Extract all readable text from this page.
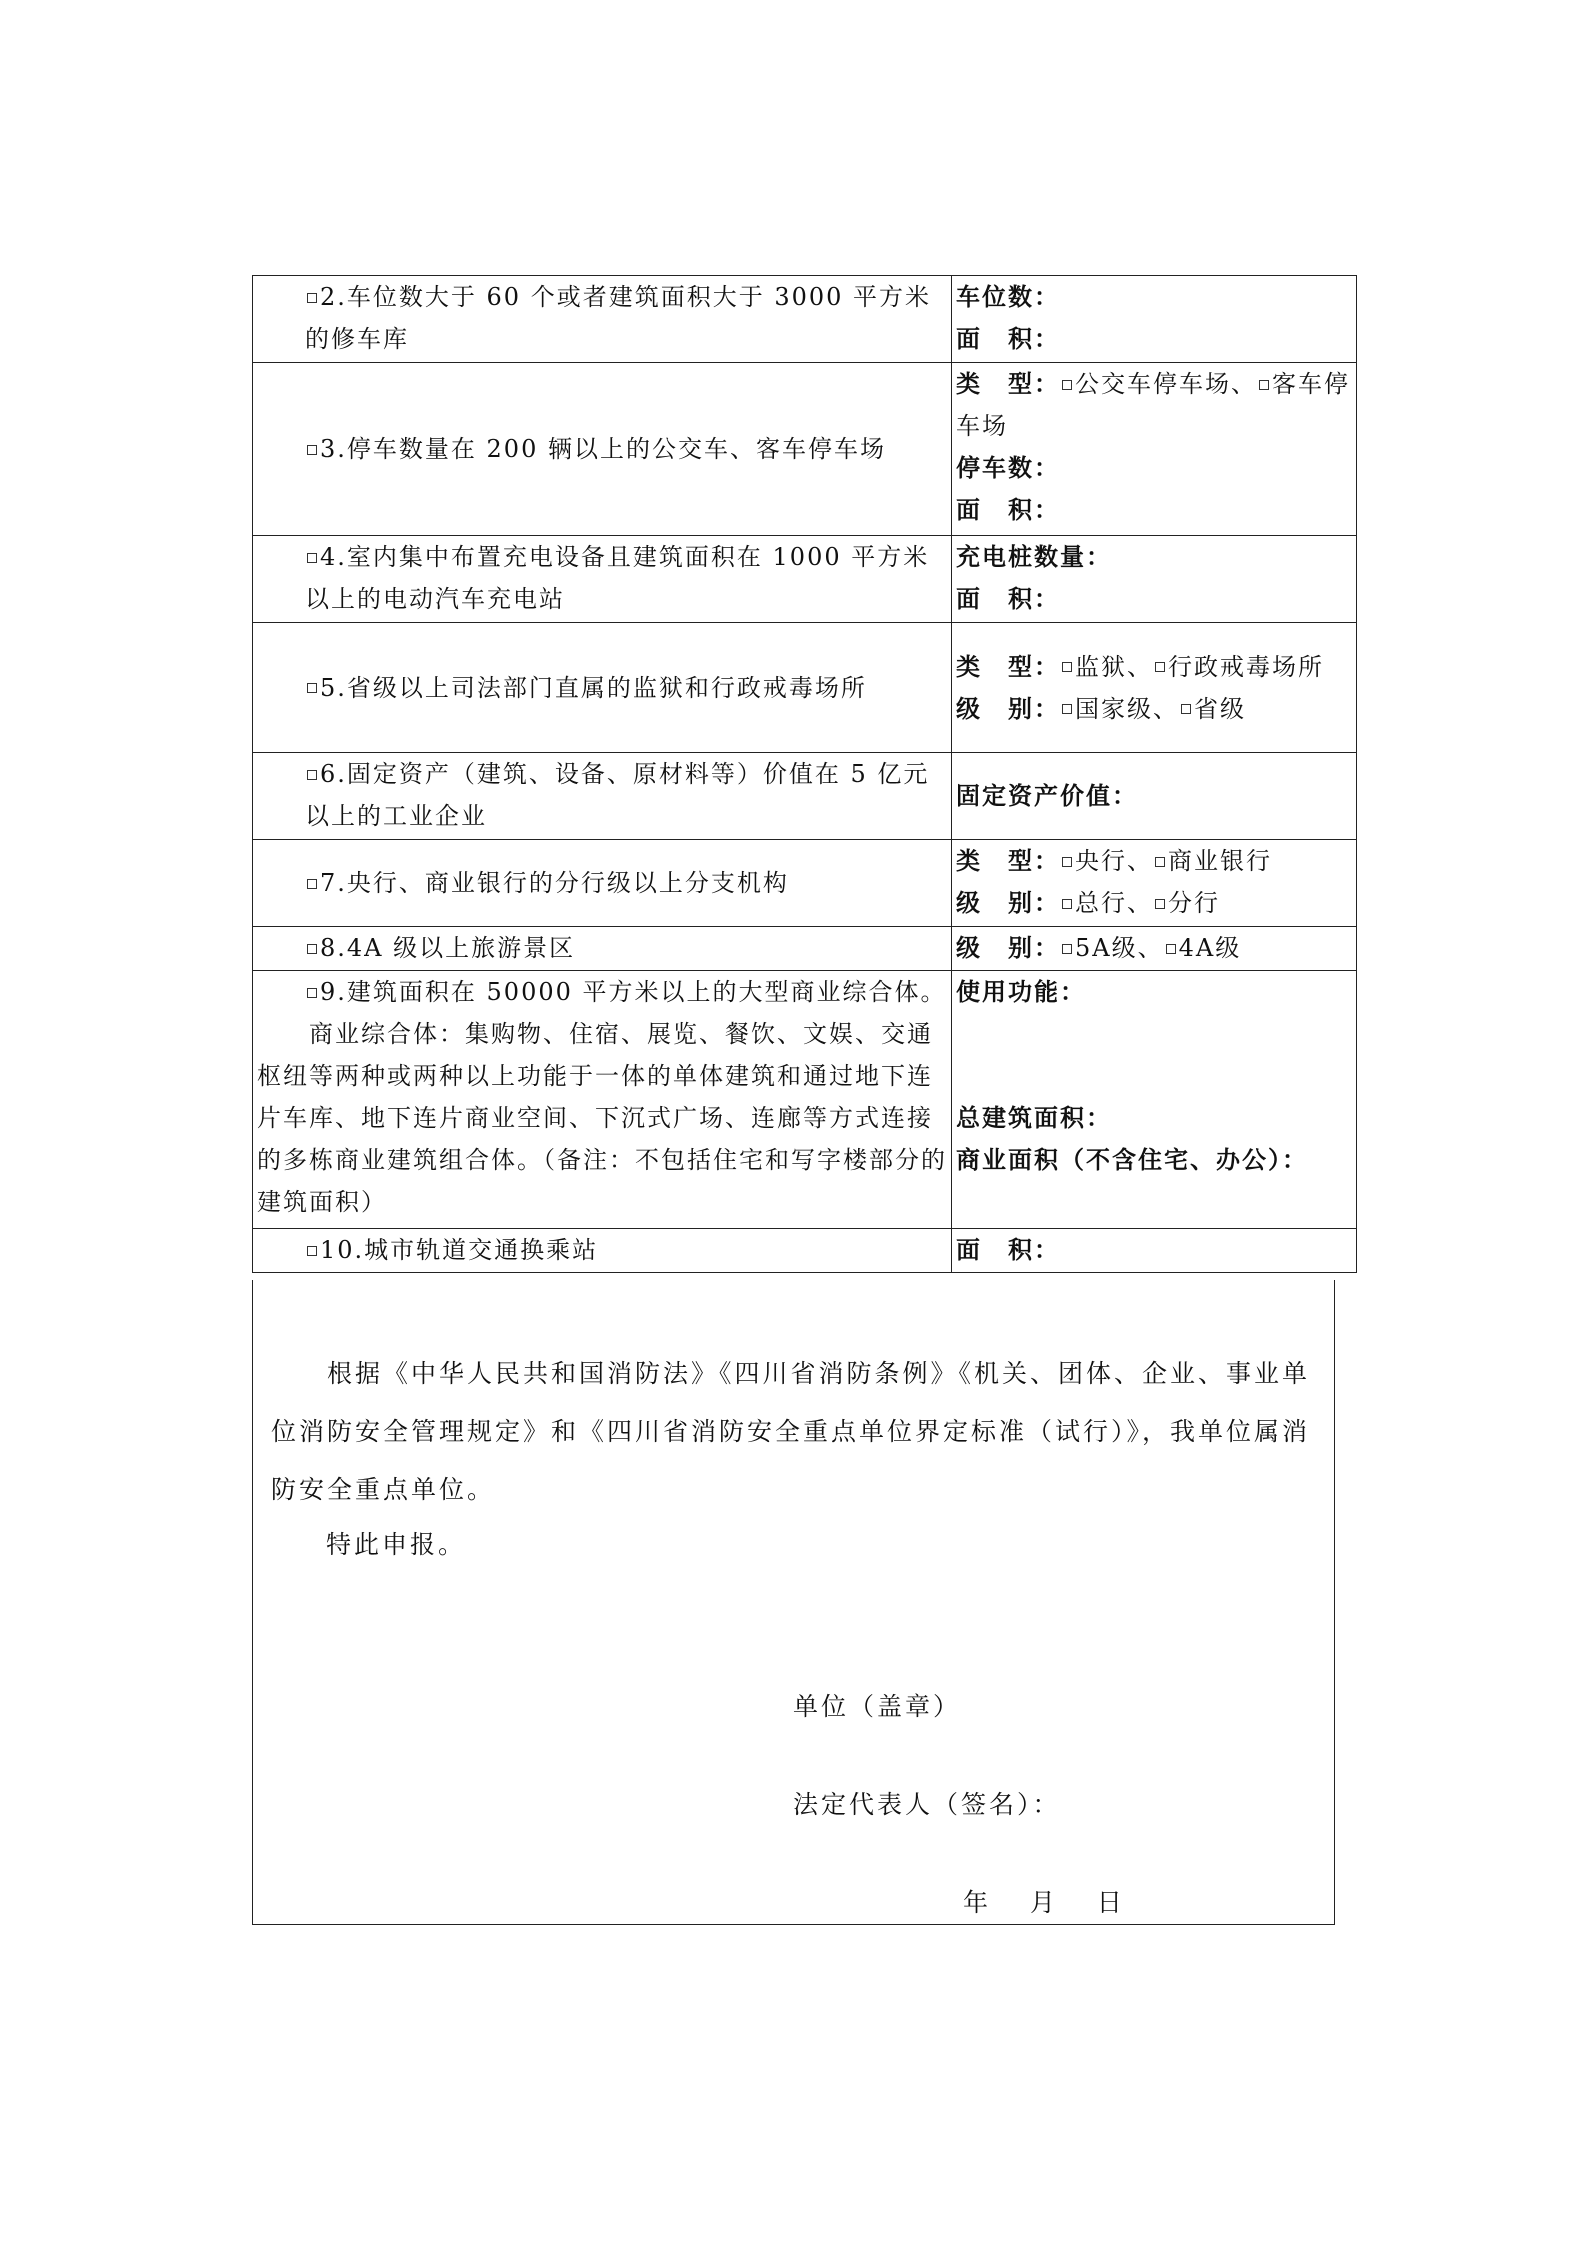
2.车位数大于 60 个或者建筑面积大于 3000 平方米的修车库	车位数：
面　积：

3.停车数量在 200 辆以上的公交车、客车停车场	类　型： 公交车停车场、 客车停车场
停车数：
面　积：

4.室内集中布置充电设备且建筑面积在 1000 平方米以上的电动汽车充电站	充电桩数量：
面　积：

5.省级以上司法部门直属的监狱和行政戒毒场所	类　型： 监狱、 行政戒毒场所
级　别： 国家级、 省级

6.固定资产（建筑、设备、原材料等）价值在 5 亿元以上的工业企业	固定资产价值：

7.央行、商业银行的分行级以上分支机构	类　型： 央行、 商业银行
级　别： 总行、 分行

8.4A 级以上旅游景区	级　别： 5A级、 4A级
9.建筑面积在 50000 平方米以上的大型商业综合体。
商业综合体：集购物、住宿、展览、餐饮、文娱、交通枢纽等两种或两种以上功能于一体的单体建筑和通过地下连片车库、地下连片商业空间、下沉式广场、连廊等方式连接的多栋商业建筑组合体。（备注：不包括住宅和写字楼部分的建筑面积）	使用功能：
总建筑面积：
商业面积（不含住宅、办公）：

10.城市轨道交通换乘站	面　积：

根据《中华人民共和国消防法》《四川省消防条例》《机关、团体、企业、事业单位消防安全管理规定》和《四川省消防安全重点单位界定标准（试行）》，我单位属消防安全重点单位。

特此申报。
单位（盖章）
法定代表人（签名）：
年 月 日
